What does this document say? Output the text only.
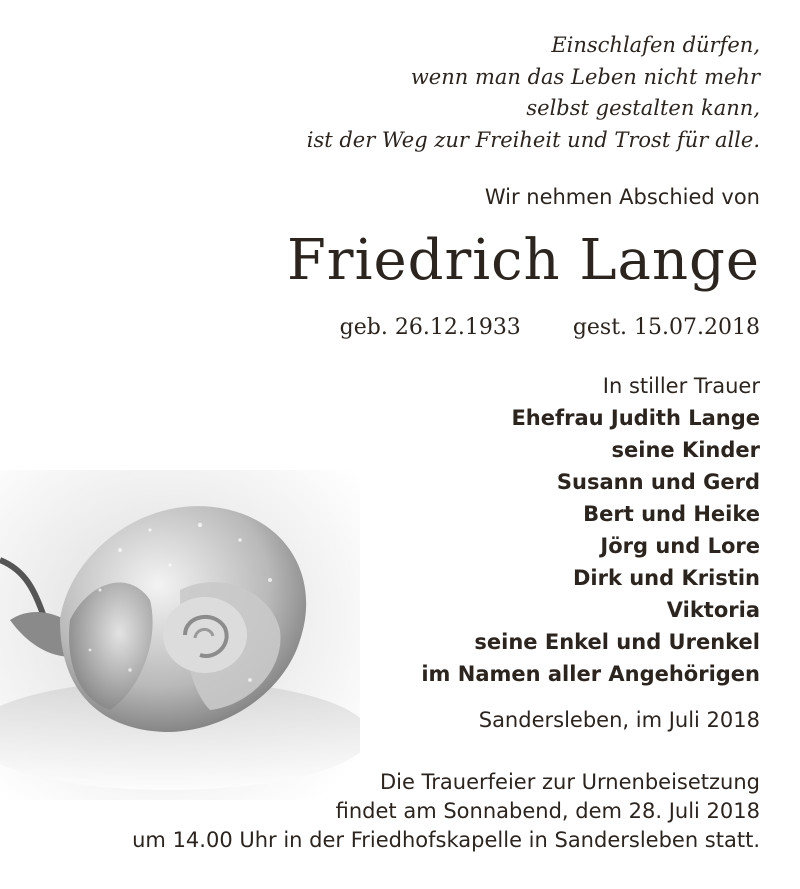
Einschlafen dürfen,
wenn man das Leben nicht mehr
selbst gestalten kann,
ist der Weg zur Freiheit und Trost für alle.
Wir nehmen Abschied von
Friedrich Lange
geb. 26.12.1933 gest. 15.07.2018
In stiller Trauer
Ehefrau Judith Lange
seine Kinder
Susann und Gerd
Bert und Heike
Jörg und Lore
Dirk und Kristin
Viktoria
seine Enkel und Urenkel
im Namen aller Angehörigen
Sandersleben, im Juli 2018
Die Trauerfeier zur Urnenbeisetzung
findet am Sonnabend, dem 28. Juli 2018
um 14.00 Uhr in der Friedhofskapelle in Sandersleben statt.
